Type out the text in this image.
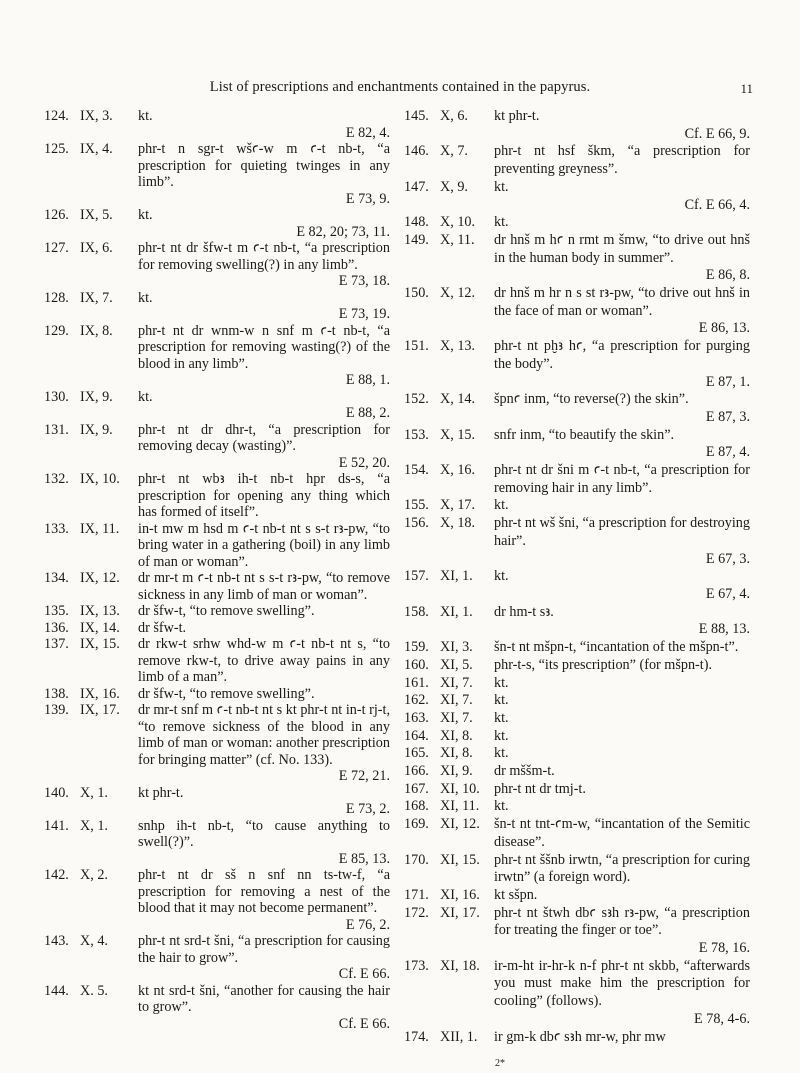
List of prescriptions and enchantments contained in the papyrus.	11
124. IX, 3. kt.
E 82, 4.
125. IX, 4. phr-t n sgr-t wšꜥ-w m ꜥ-t nb-t, “a prescription for quieting twinges in any limb”.
E 73, 9.
126. IX, 5. kt.
E 82, 20; 73, 11.
127. IX, 6. phr-t nt dr šfw-t m ꜥ-t nb-t, “a prescription for removing swelling(?) in any limb”.
E 73, 18.
128. IX, 7. kt.
E 73, 19.
129. IX, 8. phr-t nt dr wnm-w n snf m ꜥ-t nb-t, “a prescription for removing wasting(?) of the blood in any limb”.
E 88, 1.
130. IX, 9. kt.
E 88, 2.
131. IX, 9. phr-t nt dr dhr-t, “a prescription for removing decay (wasting)”.
E 52, 20.
132. IX, 10. phr-t nt wbꜣ ih-t nb-t hpr ds-s, “a prescription for opening any thing which has formed of itself”.
133. IX, 11. in-t mw m hsd m ꜥ-t nb-t nt s s-t rꜣ-pw, “to bring water in a gathering (boil) in any limb of man or woman”.
134. IX, 12. dr mr-t m ꜥ-t nb-t nt s s-t rꜣ-pw, “to remove sickness in any limb of man or woman”.
135. IX, 13. dr šfw-t, “to remove swelling”.
136. IX, 14. dr šfw-t.
137. IX, 15. dr rkw-t srhw whd-w m ꜥ-t nb-t nt s, “to remove rkw-t, to drive away pains in any limb of a man”.
138. IX, 16. dr šfw-t, “to remove swelling”.
139. IX, 17. dr mr-t snf m ꜥ-t nb-t nt s kt phr-t nt in-t rj-t, “to remove sickness of the blood in any limb of man or woman: another prescription for bringing matter” (cf. No. 133).
E 72, 21.
140. X, 1. kt phr-t.
E 73, 2.
141. X, 1. snhp ih-t nb-t, “to cause anything to swell(?)”.
E 85, 13.
142. X, 2. phr-t nt dr sš n snf nn ts-tw-f, “a prescription for removing a nest of the blood that it may not become permanent”.
E 76, 2.
143. X, 4. phr-t nt srd-t šni, “a prescription for causing the hair to grow”.
Cf. E 66.
144. X. 5. kt nt srd-t šni, “another for causing the hair to grow”.
Cf. E 66.
145. X, 6. kt phr-t.
Cf. E 66, 9.
146. X, 7. phr-t nt hsf škm, “a prescription for preventing greyness”.
147. X, 9. kt.
Cf. E 66, 4.
148. X, 10. kt.
149. X, 11. dr hnš m hꜥ n rmt m šmw, “to drive out hnš in the human body in summer”.
E 86, 8.
150. X, 12. dr hnš m hr n s st rꜣ-pw, “to drive out hnš in the face of man or woman”.
E 86, 13.
151. X, 13. phr-t nt pḫꜣ hꜥ, “a prescription for purging the body”.
E 87, 1.
152. X, 14. špnꜥ inm, “to reverse(?) the skin”.
E 87, 3.
153. X, 15. snfr inm, “to beautify the skin”.
E 87, 4.
154. X, 16. phr-t nt dr šni m ꜥ-t nb-t, “a prescription for removing hair in any limb”.
155. X, 17. kt.
156. X, 18. phr-t nt wš šni, “a prescription for destroying hair”.
E 67, 3.
157. XI, 1. kt.
E 67, 4.
158. XI, 1. dr hm-t sꜣ.
E 88, 13.
159. XI, 3. šn-t nt mšpn-t, “incantation of the mšpn-t”.
160. XI, 5. phr-t-s, “its prescription” (for mšpn-t).
161. XI, 7. kt.
162. XI, 7. kt.
163. XI, 7. kt.
164. XI, 8. kt.
165. XI, 8. kt.
166. XI, 9. dr mššm-t.
167. XI, 10. phr-t nt dr tmj-t.
168. XI, 11. kt.
169. XI, 12. šn-t nt tnt-ꜥm-w, “incantation of the Semitic disease”.
170. XI, 15. phr-t nt ššnb irwtn, “a prescription for curing irwtn” (a foreign word).
171. XI, 16. kt sšpn.
172. XI, 17. phr-t nt štwh dbꜥ sꜣh rꜣ-pw, “a prescription for treating the finger or toe”.
E 78, 16.
173. XI, 18. ir-m-ht ir-hr-k n-f phr-t nt skbb, “afterwards you must make him the prescription for cooling” (follows).
E 78, 4-6.
174. XII, 1. ir gm-k dbꜥ sꜣh mr-w, phr mw
2*
